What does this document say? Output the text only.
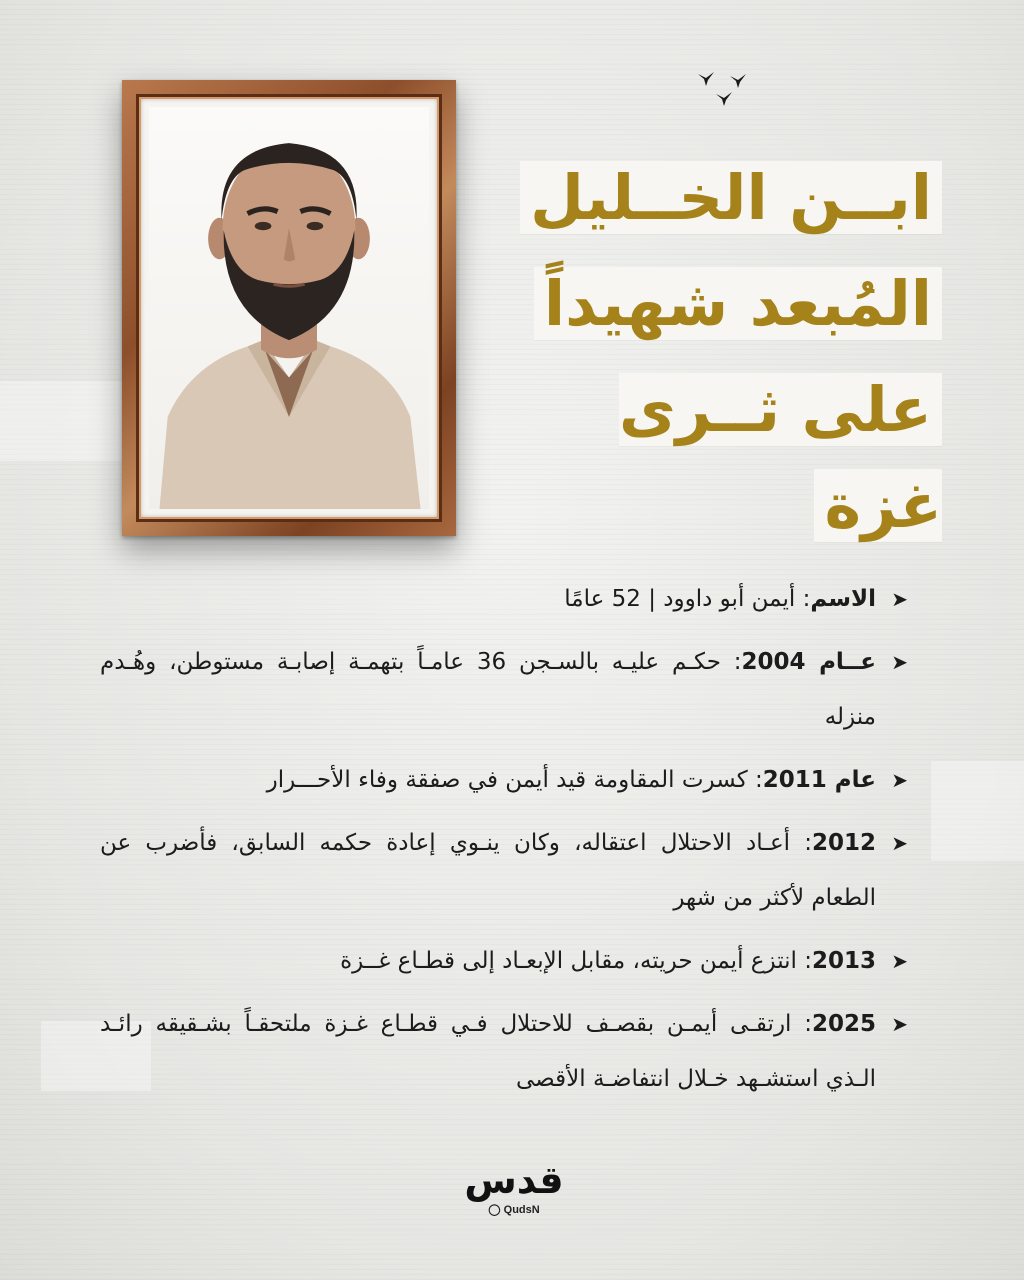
ابــن الخــليل
المُبعد شهيداً
على ثــرى غزة
➤
الاسم: أيمن أبو داوود | 52 عامًا
➤
عــام 2004: حكـم عليـه بالسـجن 36 عامـاً بتهمـة إصابـة مستوطن، وهُـدم منزله
➤
عام 2011: كسرت المقاومة قيد أيمن في صفقة وفاء الأحـــرار
➤
2012: أعـاد الاحتلال اعتقاله، وكان ينـوي إعادة حكمه السابق، فأضرب عن الطعام لأكثر من شهر
➤
2013: انتزع أيمن حريته، مقابل الإبعـاد إلى قطـاع غــزة
➤
2025: ارتقـى أيمـن بقصـف للاحتلال فـي قطـاع غـزة ملتحقـاً بشـقيقه رائـد الـذي استشـهد خـلال انتفاضـة الأقصى
قدس
◯ QudsN
